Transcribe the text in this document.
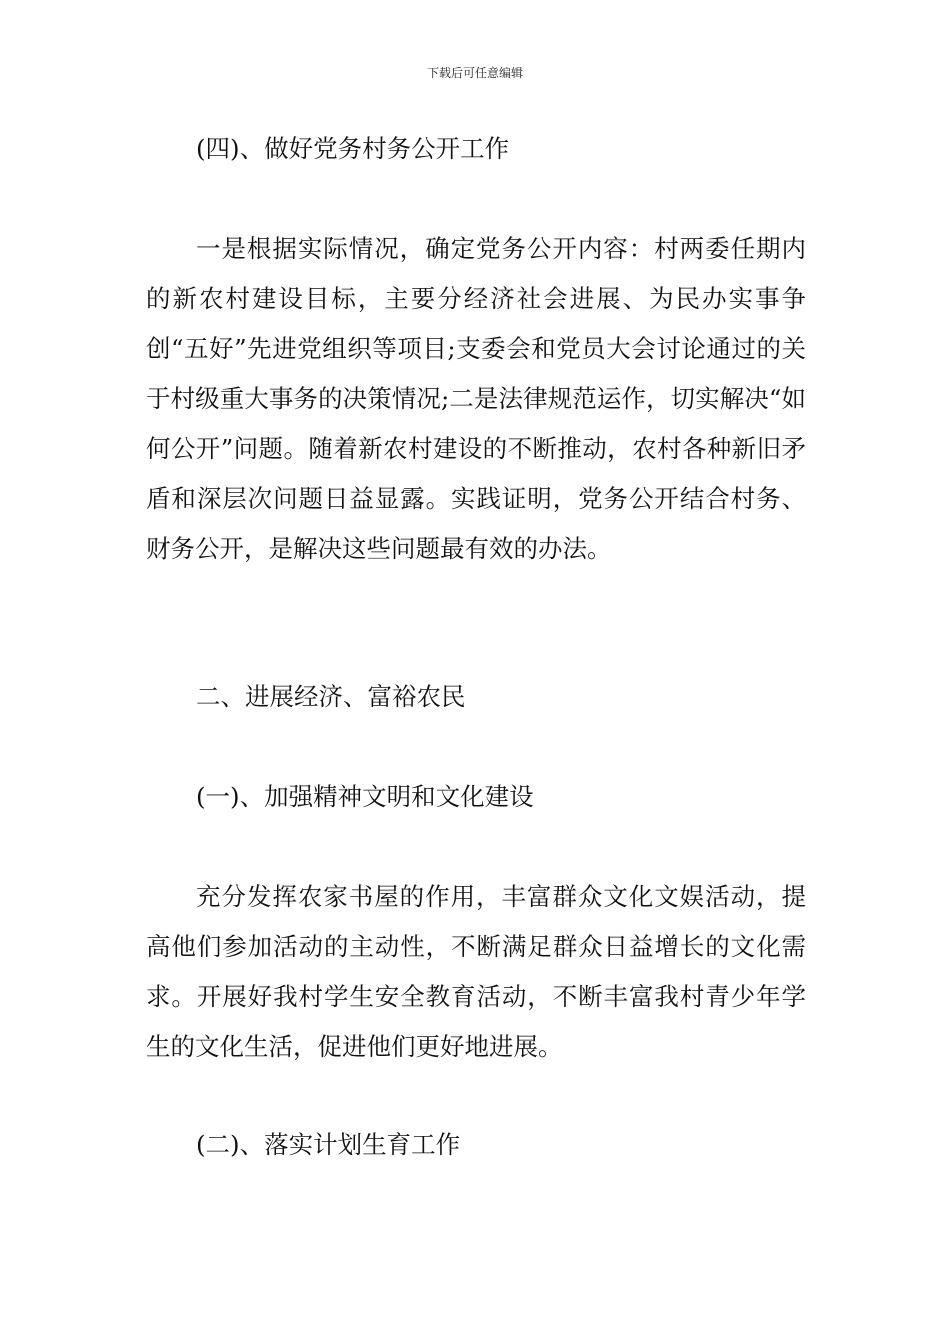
下载后可任意编辑

(四)、做好党务村务公开工作

一是根据实际情况，确定党务公开内容：村两委任期内的新农村建设目标，主要分经济社会进展、为民办实事争创“五好”先进党组织等项目;支委会和党员大会讨论通过的关于村级重大事务的决策情况;二是法律规范运作，切实解决“如何公开”问题。随着新农村建设的不断推动，农村各种新旧矛盾和深层次问题日益显露。实践证明，党务公开结合村务、财务公开，是解决这些问题最有效的办法。

二、进展经济、富裕农民

(一)、加强精神文明和文化建设

充分发挥农家书屋的作用，丰富群众文化文娱活动，提高他们参加活动的主动性，不断满足群众日益增长的文化需求。开展好我村学生安全教育活动，不断丰富我村青少年学生的文化生活，促进他们更好地进展。

(二)、落实计划生育工作
